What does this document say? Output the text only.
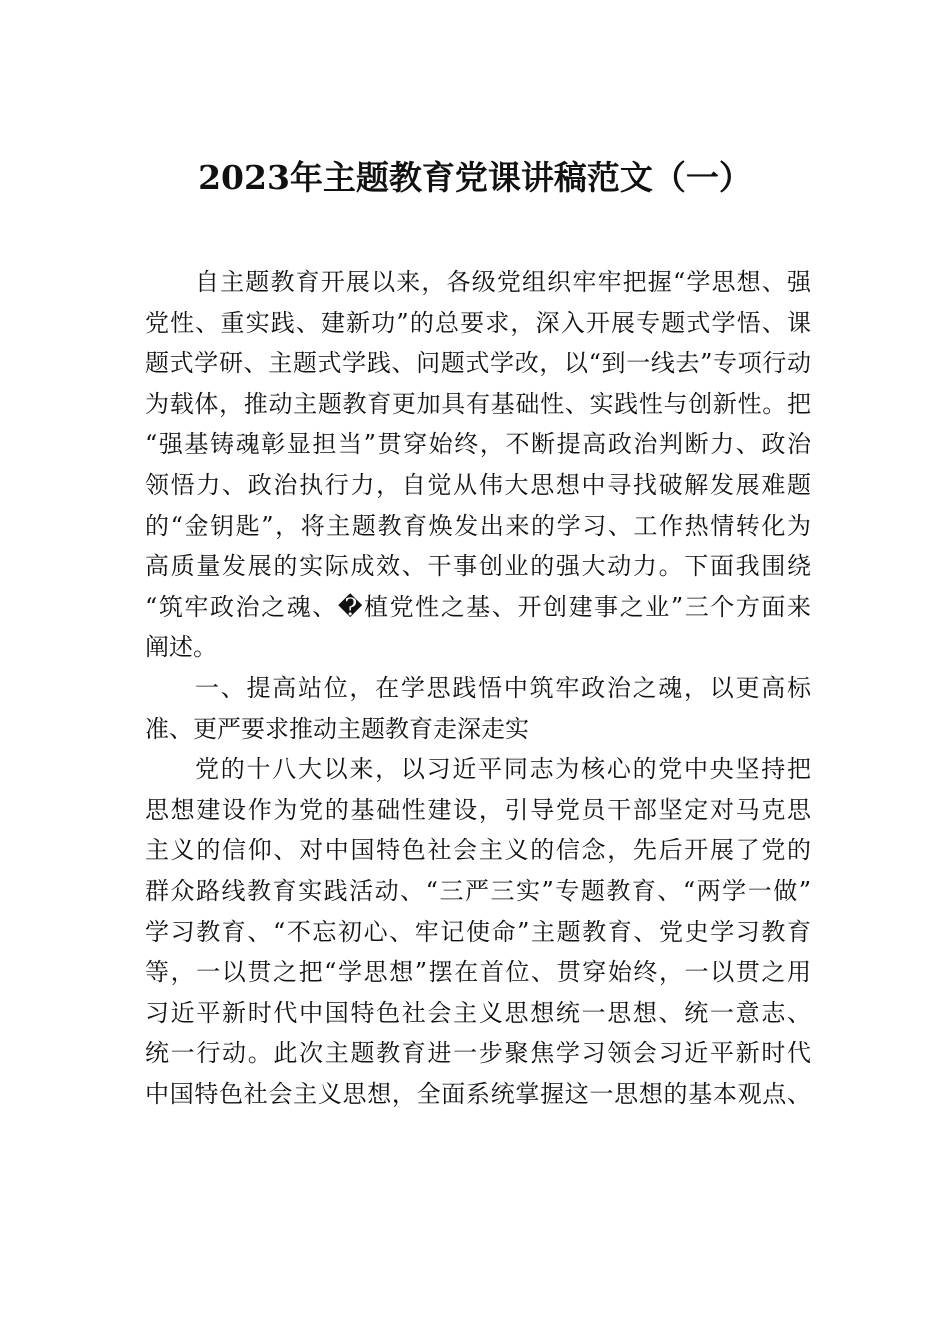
2023年主题教育党课讲稿范文（一）
自主题教育开展以来，各级党组织牢牢把握“学思想、强
党性、重实践、建新功”的总要求，深入开展专题式学悟、课
题式学研、主题式学践、问题式学改，以“到一线去”专项行动
为载体，推动主题教育更加具有基础性、实践性与创新性。把
“强基铸魂彰显担当”贯穿始终，不断提高政治判断力、政治
领悟力、政治执行力，自觉从伟大思想中寻找破解发展难题
的“金钥匙”，将主题教育焕发出来的学习、工作热情转化为
高质量发展的实际成效、干事创业的强大动力。下面我围绕
“筑牢政治之魂、�植党性之基、开创建事之业”三个方面来
阐述。
一、提高站位，在学思践悟中筑牢政治之魂，以更高标
准、更严要求推动主题教育走深走实
党的十八大以来，以习近平同志为核心的党中央坚持把
思想建设作为党的基础性建设，引导党员干部坚定对马克思
主义的信仰、对中国特色社会主义的信念，先后开展了党的
群众路线教育实践活动、“三严三实”专题教育、“两学一做”
学习教育、“不忘初心、牢记使命”主题教育、党史学习教育
等，一以贯之把“学思想”摆在首位、贯穿始终，一以贯之用
习近平新时代中国特色社会主义思想统一思想、统一意志、
统一行动。此次主题教育进一步聚焦学习领会习近平新时代
中国特色社会主义思想，全面系统掌握这一思想的基本观点、
